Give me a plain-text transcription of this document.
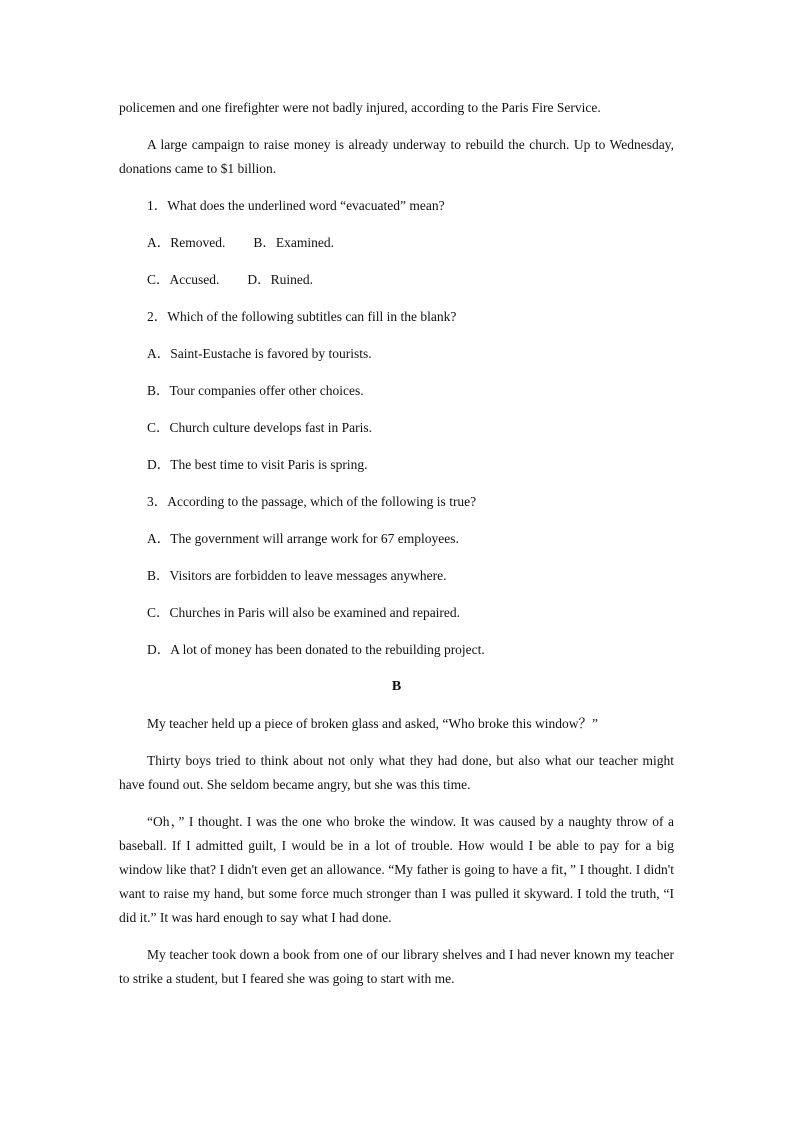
policemen and one firefighter were not badly injured, according to the Paris Fire Service.

A large campaign to raise money is already underway to rebuild the church. Up to Wednesday, donations came to $1 billion.

1．What does the underlined word “evacuated” mean?

A．Removed. B．Examined.

C．Accused. D．Ruined.

2．Which of the following subtitles can fill in the blank?

A．Saint-Eustache is favored by tourists.

B．Tour companies offer other choices.

C．Church culture develops fast in Paris.

D．The best time to visit Paris is spring.

3．According to the passage, which of the following is true?

A．The government will arrange work for 67 employees.

B．Visitors are forbidden to leave messages anywhere.

C．Churches in Paris will also be examined and repaired.

D．A lot of money has been donated to the rebuilding project.

B

My teacher held up a piece of broken glass and asked, “Who broke this window？”

Thirty boys tried to think about not only what they had done, but also what our teacher might have found out. She seldom became angry, but she was this time.

“Oh，” I thought. I was the one who broke the window. It was caused by a naughty throw of a baseball. If I admitted guilt, I would be in a lot of trouble. How would I be able to pay for a big window like that? I didn't even get an allowance. “My father is going to have a fit，” I thought. I didn't want to raise my hand, but some force much stronger than I was pulled it skyward. I told the truth, “I did it.” It was hard enough to say what I had done.

My teacher took down a book from one of our library shelves and I had never known my teacher to strike a student, but I feared she was going to start with me.
